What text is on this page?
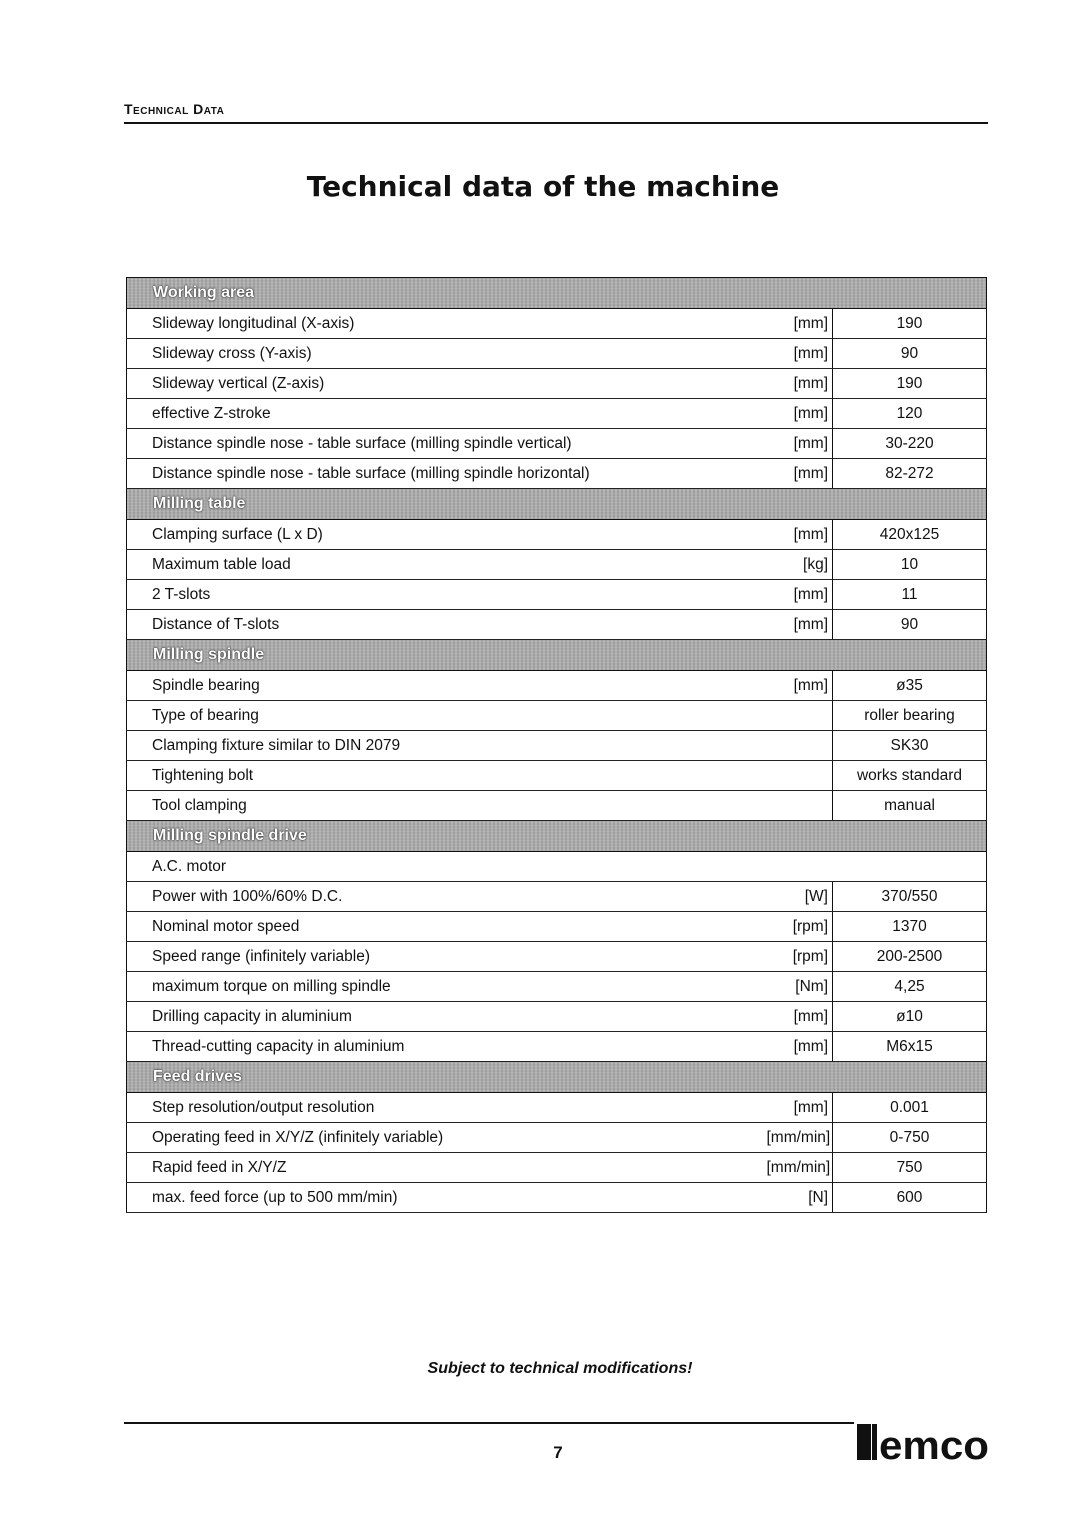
Technical Data
Technical data of the machine
Working area		
Slideway longitudinal (X-axis)	[mm]	190
Slideway cross (Y-axis)	[mm]	90
Slideway vertical (Z-axis)	[mm]	190
effective Z-stroke	[mm]	120
Distance spindle nose - table surface (milling spindle vertical)	[mm]	30-220
Distance spindle nose - table surface (milling spindle horizontal)	[mm]	82-272
Milling table		
Clamping surface (L x D)	[mm]	420x125
Maximum table load	[kg]	10
2 T-slots	[mm]	11
Distance of T-slots	[mm]	90
Milling spindle		
Spindle bearing	[mm]	ø35
Type of bearing		roller bearing
Clamping fixture similar to DIN 2079		SK30
Tightening bolt		works standard
Tool clamping		manual
Milling spindle drive		
A.C. motor		
Power with 100%/60% D.C.	[W]	370/550
Nominal motor speed	[rpm]	1370
Speed range (infinitely variable)	[rpm]	200-2500
maximum torque on milling spindle	[Nm]	4,25
Drilling capacity in aluminium	[mm]	ø10
Thread-cutting capacity in aluminium	[mm]	M6x15
Feed drives		
Step resolution/output resolution	[mm]	0.001
Operating feed in X/Y/Z (infinitely variable)	[mm/min]	0-750
Rapid feed in X/Y/Z	[mm/min]	750
max. feed force (up to 500 mm/min)	[N]	600
Subject to technical modifications!
7	emco
